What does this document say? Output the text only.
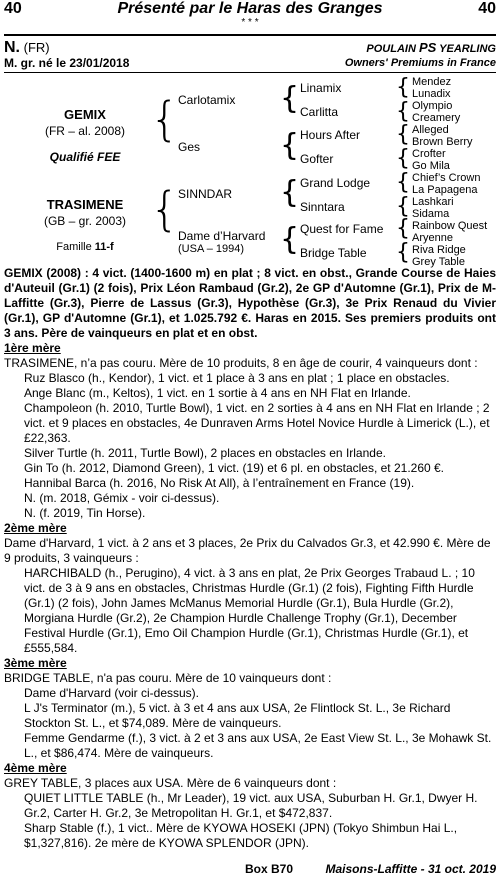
40	Présenté par le Haras des Granges	40
* * *
N. (FR)	POULAIN PS YEARLING
M. gr. né le 23/01/2018	Owners' Premiums in France
GEMIX
(FR – al. 2008)
Qualifié FEE
TRASIMENE
(GB – gr. 2003)
Famille 11-f
{
{
Carlotamix
Ges
SINNDAR
Dame d’Harvard
(USA – 1994)
{
{
{
{
Linamix
Carlitta
Hours After
Gofter
Grand Lodge
Sinntara
Quest for Fame
Bridge Table
{
{
{
{
{
{
{
{
Mendez
Lunadix
Olympio
Creamery
Alleged
Brown Berry
Crofter
Go Mila
Chief’s Crown
La Papagena
Lashkari
Sidama
Rainbow Quest
Aryenne
Riva Ridge
Grey Table

GEMIX (2008) : 4 vict. (1400-1600 m) en plat ; 8 vict. en obst., Grande Course de Haies d'Auteuil (Gr.1) (2 fois), Prix Léon Rambaud (Gr.2), 2e GP d'Automne (Gr.1), Prix de M-Laffitte (Gr.3), Pierre de Lassus (Gr.3), Hypothèse (Gr.3), 3e Prix Renaud du Vivier (Gr.1), GP d'Automne (Gr.1), et 1.025.792 €. Haras en 2015. Ses premiers produits ont 3 ans. Père de vainqueurs en plat et en obst.

1ère mère

TRASIMENE, n’a pas couru. Mère de 10 produits, 8 en âge de courir, 4 vainqueurs dont :

Ruz Blasco (h., Kendor), 1 vict. et 1 place à 3 ans en plat ; 1 place en obstacles.

Ange Blanc (m., Keltos), 1 vict. en 1 sortie à 4 ans en NH Flat en Irlande.

Champoleon (h. 2010, Turtle Bowl), 1 vict. en 2 sorties à 4 ans en NH Flat en Irlande ; 2 vict. et 9 places en obstacles, 4e Dunraven Arms Hotel Novice Hurdle à Limerick (L.), et £22,363.

Silver Turtle (h. 2011, Turtle Bowl), 2 places en obstacles en Irlande.

Gin To (h. 2012, Diamond Green), 1 vict. (19) et 6 pl. en obstacles, et 21.260 €.

Hannibal Barca (h. 2016, No Risk At All), à l’entraînement en France (19).

N. (m. 2018, Gémix - voir ci-dessus).

N. (f. 2019, Tin Horse).

2ème mère

Dame d'Harvard, 1 vict. à 2 ans et 3 places, 2e Prix du Calvados Gr.3, et 42.990 €. Mère de 9 produits, 3 vainqueurs :

HARCHIBALD (h., Perugino), 4 vict. à 3 ans en plat, 2e Prix Georges Trabaud L. ; 10 vict. de 3 à 9 ans en obstacles, Christmas Hurdle (Gr.1) (2 fois), Fighting Fifth Hurdle (Gr.1) (2 fois), John James McManus Memorial Hurdle (Gr.1), Bula Hurdle (Gr.2), Morgiana Hurdle (Gr.2), 2e Champion Hurdle Challenge Trophy (Gr.1), December Festival Hurdle (Gr.1), Emo Oil Champion Hurdle (Gr.1), Christmas Hurdle (Gr.1), et £555,584.

3ème mère

BRIDGE TABLE, n'a pas couru. Mère de 10 vainqueurs dont :

Dame d'Harvard (voir ci-dessus).

L J's Terminator (m.), 5 vict. à 3 et 4 ans aux USA, 2e Flintlock St. L., 3e Richard Stockton St. L., et $74,089. Mère de vainqueurs.

Femme Gendarme (f.), 3 vict. à 2 et 3 ans aux USA, 2e East View St. L., 3e Mohawk St. L., et $86,474. Mère de vainqueurs.

4ème mère

GREY TABLE, 3 places aux USA. Mère de 6 vainqueurs dont :

QUIET LITTLE TABLE (h., Mr Leader), 19 vict. aux USA, Suburban H. Gr.1, Dwyer H. Gr.2, Carter H. Gr.2, 3e Metropolitan H. Gr.1, et $472,837.

Sharp Stable (f.), 1 vict.. Mère de KYOWA HOSEKI (JPN) (Tokyo Shimbun Hai L., $1,327,816). 2e mère de KYOWA SPLENDOR (JPN).

Box B70	Maisons-Laffitte - 31 oct. 2019
